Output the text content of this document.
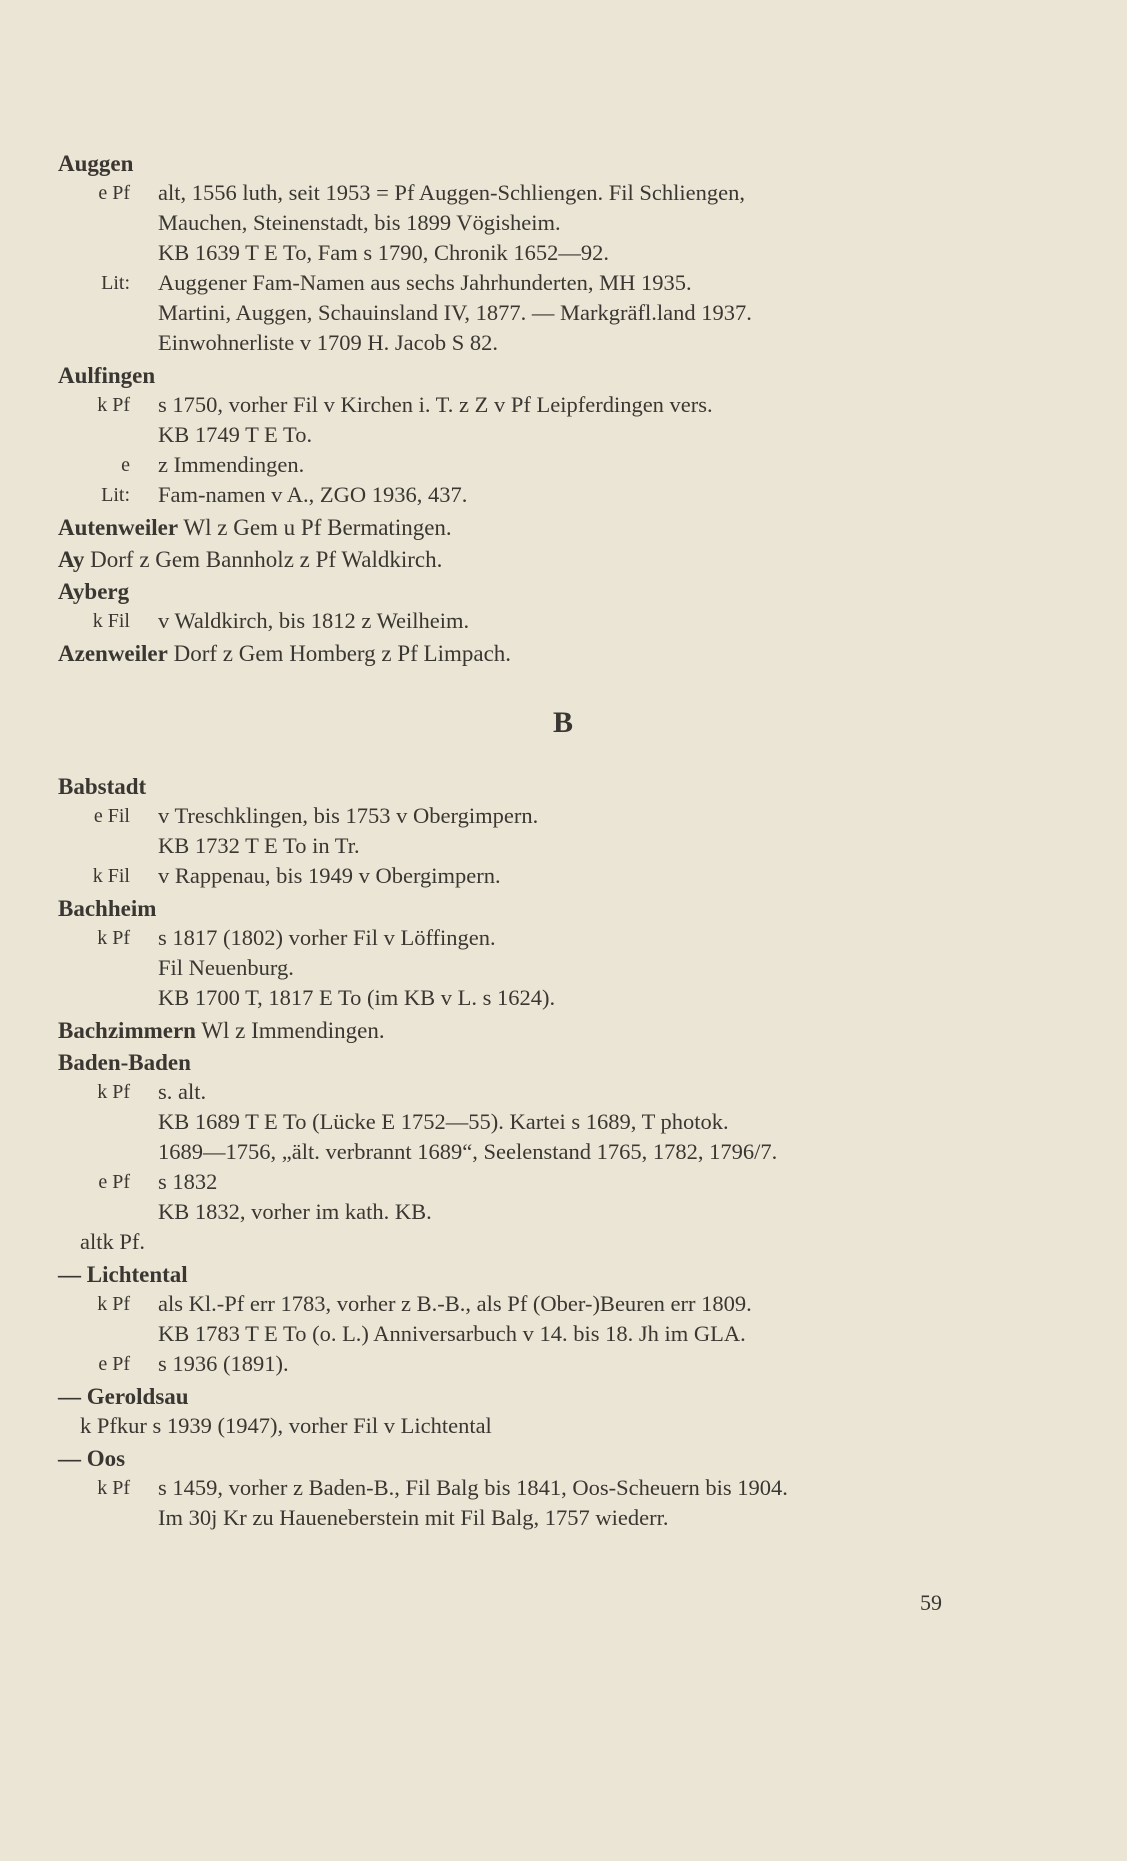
Auggen
e Pf	alt, 1556 luth, seit 1953 = Pf Auggen-Schliengen. Fil Schliengen,
Mauchen, Steinenstadt, bis 1899 Vögisheim.
KB 1639 T E To, Fam s 1790, Chronik 1652—92.
Lit:	Auggener Fam-Namen aus sechs Jahrhunderten, MH 1935.
Martini, Auggen, Schauinsland IV, 1877. — Markgräfl.land 1937.
Einwohnerliste v 1709 H. Jacob S 82.
Aulfingen
k Pf	s 1750, vorher Fil v Kirchen i. T. z Z v Pf Leipferdingen vers.
KB 1749 T E To.
e	z Immendingen.
Lit:	Fam-namen v A., ZGO 1936, 437.
Autenweiler Wl z Gem u Pf Bermatingen.
Ay Dorf z Gem Bannholz z Pf Waldkirch.
Ayberg
k Fil	v Waldkirch, bis 1812 z Weilheim.
Azenweiler Dorf z Gem Homberg z Pf Limpach.
B
Babstadt
e Fil	v Treschklingen, bis 1753 v Obergimpern.
KB 1732 T E To in Tr.
k Fil	v Rappenau, bis 1949 v Obergimpern.
Bachheim
k Pf	s 1817 (1802) vorher Fil v Löffingen.
Fil Neuenburg.
KB 1700 T, 1817 E To (im KB v L. s 1624).
Bachzimmern Wl z Immendingen.
Baden-Baden
k Pf	s. alt.
KB 1689 T E To (Lücke E 1752—55). Kartei s 1689, T photok.
1689—1756, „ält. verbrannt 1689“, Seelenstand 1765, 1782, 1796/7.
e Pf	s 1832
KB 1832, vorher im kath. KB.
altk Pf.
— Lichtental
k Pf	als Kl.-Pf err 1783, vorher z B.-B., als Pf (Ober-)Beuren err 1809.
KB 1783 T E To (o. L.) Anniversarbuch v 14. bis 18. Jh im GLA.
e Pf	s 1936 (1891).
— Geroldsau
k Pfkur s 1939 (1947), vorher Fil v Lichtental
— Oos
k Pf	s 1459, vorher z Baden-B., Fil Balg bis 1841, Oos-Scheuern bis 1904.
Im 30j Kr zu Haueneberstein mit Fil Balg, 1757 wiederr.
59
